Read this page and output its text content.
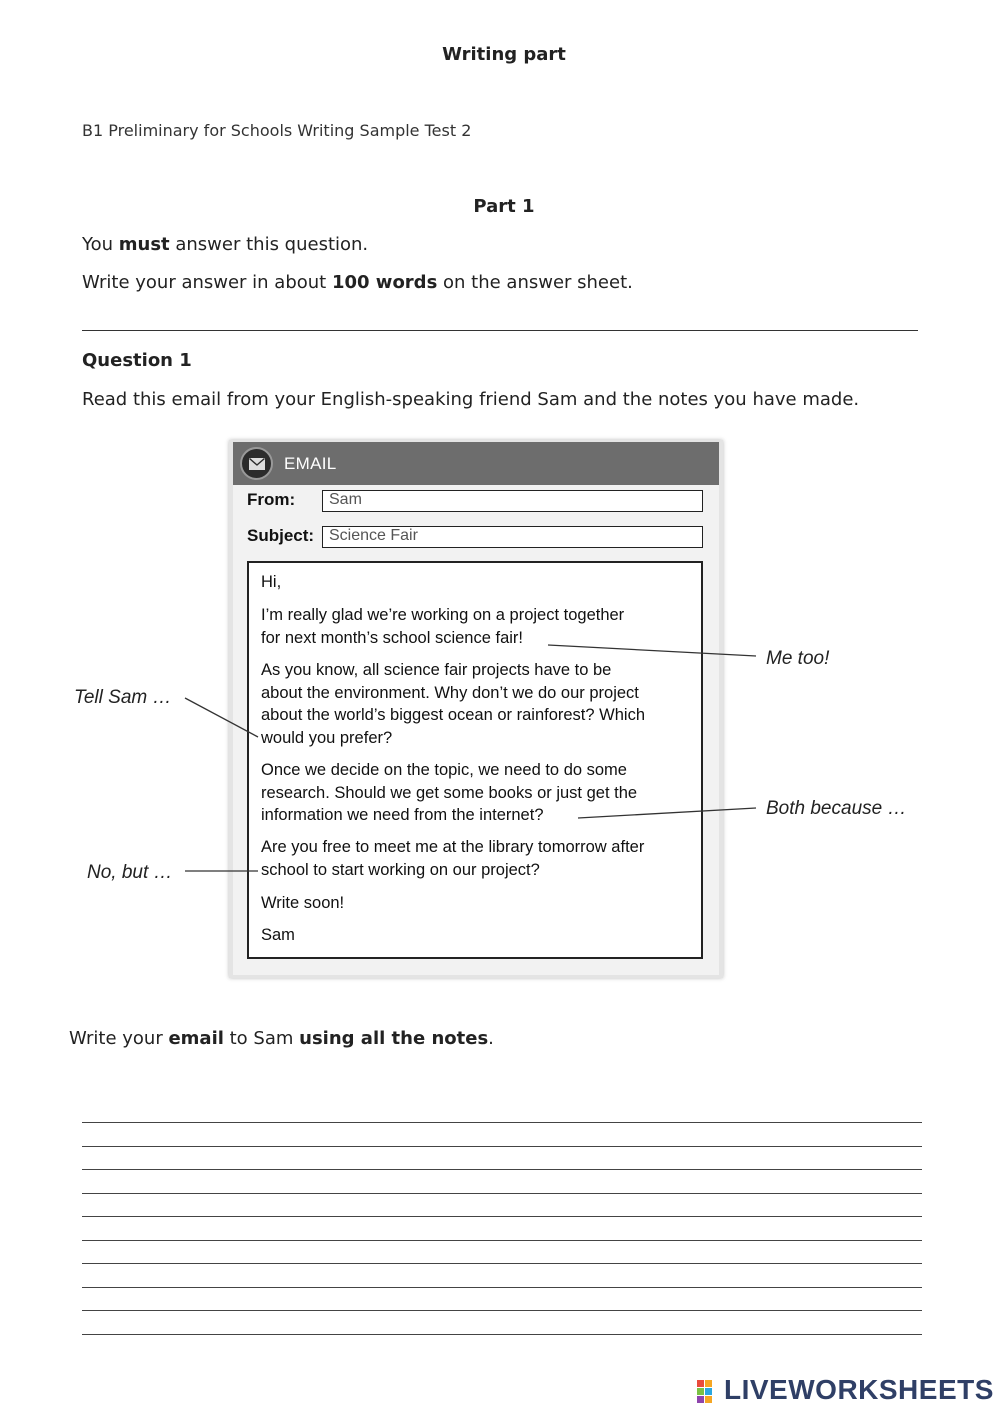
Writing part
B1 Preliminary for Schools Writing Sample Test 2
Part 1
You must answer this question.
Write your answer in about 100 words on the answer sheet.
Question 1
Read this email from your English-speaking friend Sam and the notes you have made.
EMAIL
From:	Sam
Subject: Science Fair
Hi,
I’m really glad we’re working on a project together
for next month’s school science fair!
As you know, all science fair projects have to be
about the environment. Why don’t we do our project
about the world’s biggest ocean or rainforest? Which
would you prefer?
Once we decide on the topic, we need to do some
research. Should we get some books or just get the
information we need from the internet?
Are you free to meet me at the library tomorrow after
school to start working on our project?
Write soon!
Sam
Me too!
Tell Sam …
Both because …
No, but …
Write your email to Sam using all the notes.
LIVEWORKSHEETS
